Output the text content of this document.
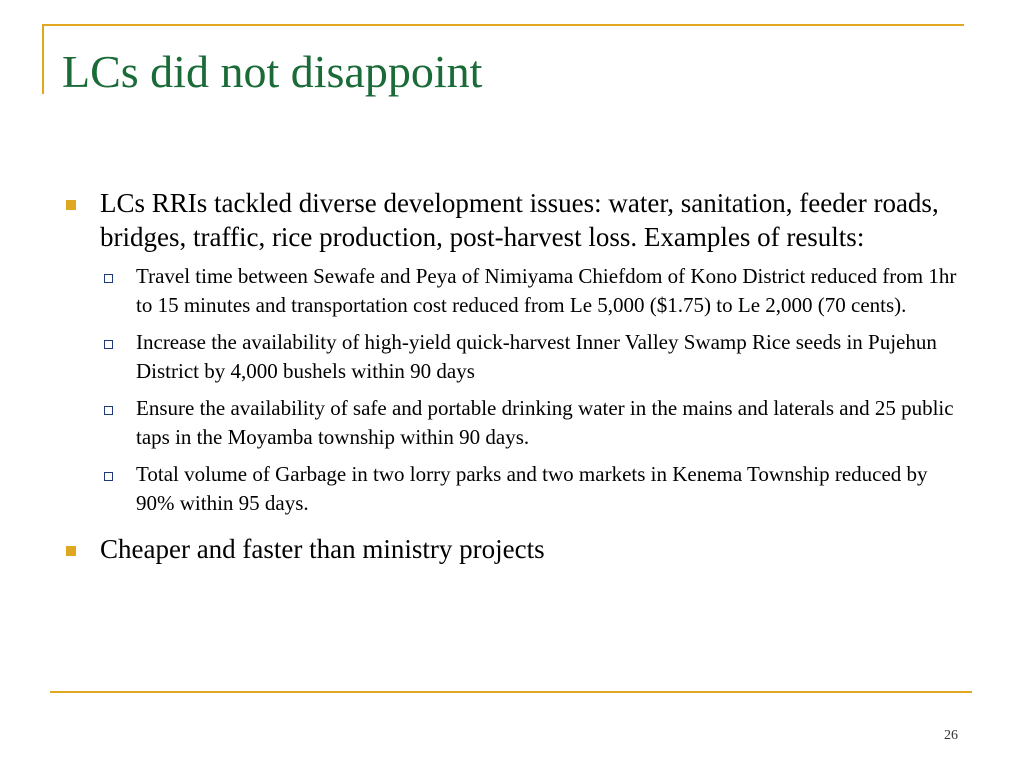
LCs did not disappoint
LCs RRIs tackled diverse development issues: water, sanitation, feeder roads, bridges, traffic, rice production, post-harvest loss. Examples of results:
Travel time between Sewafe and Peya of Nimiyama Chiefdom of Kono District reduced from 1hr to 15 minutes and transportation cost reduced from Le 5,000 ($1.75) to Le 2,000 (70 cents).
Increase the availability of high-yield quick-harvest Inner Valley Swamp Rice seeds in Pujehun District by 4,000 bushels within 90 days
Ensure the availability of safe and portable drinking water in the mains and laterals and 25 public taps in the Moyamba township within 90 days.
Total volume of Garbage in two lorry parks and two markets in Kenema Township reduced by 90% within 95 days.
Cheaper and faster than ministry projects
26
